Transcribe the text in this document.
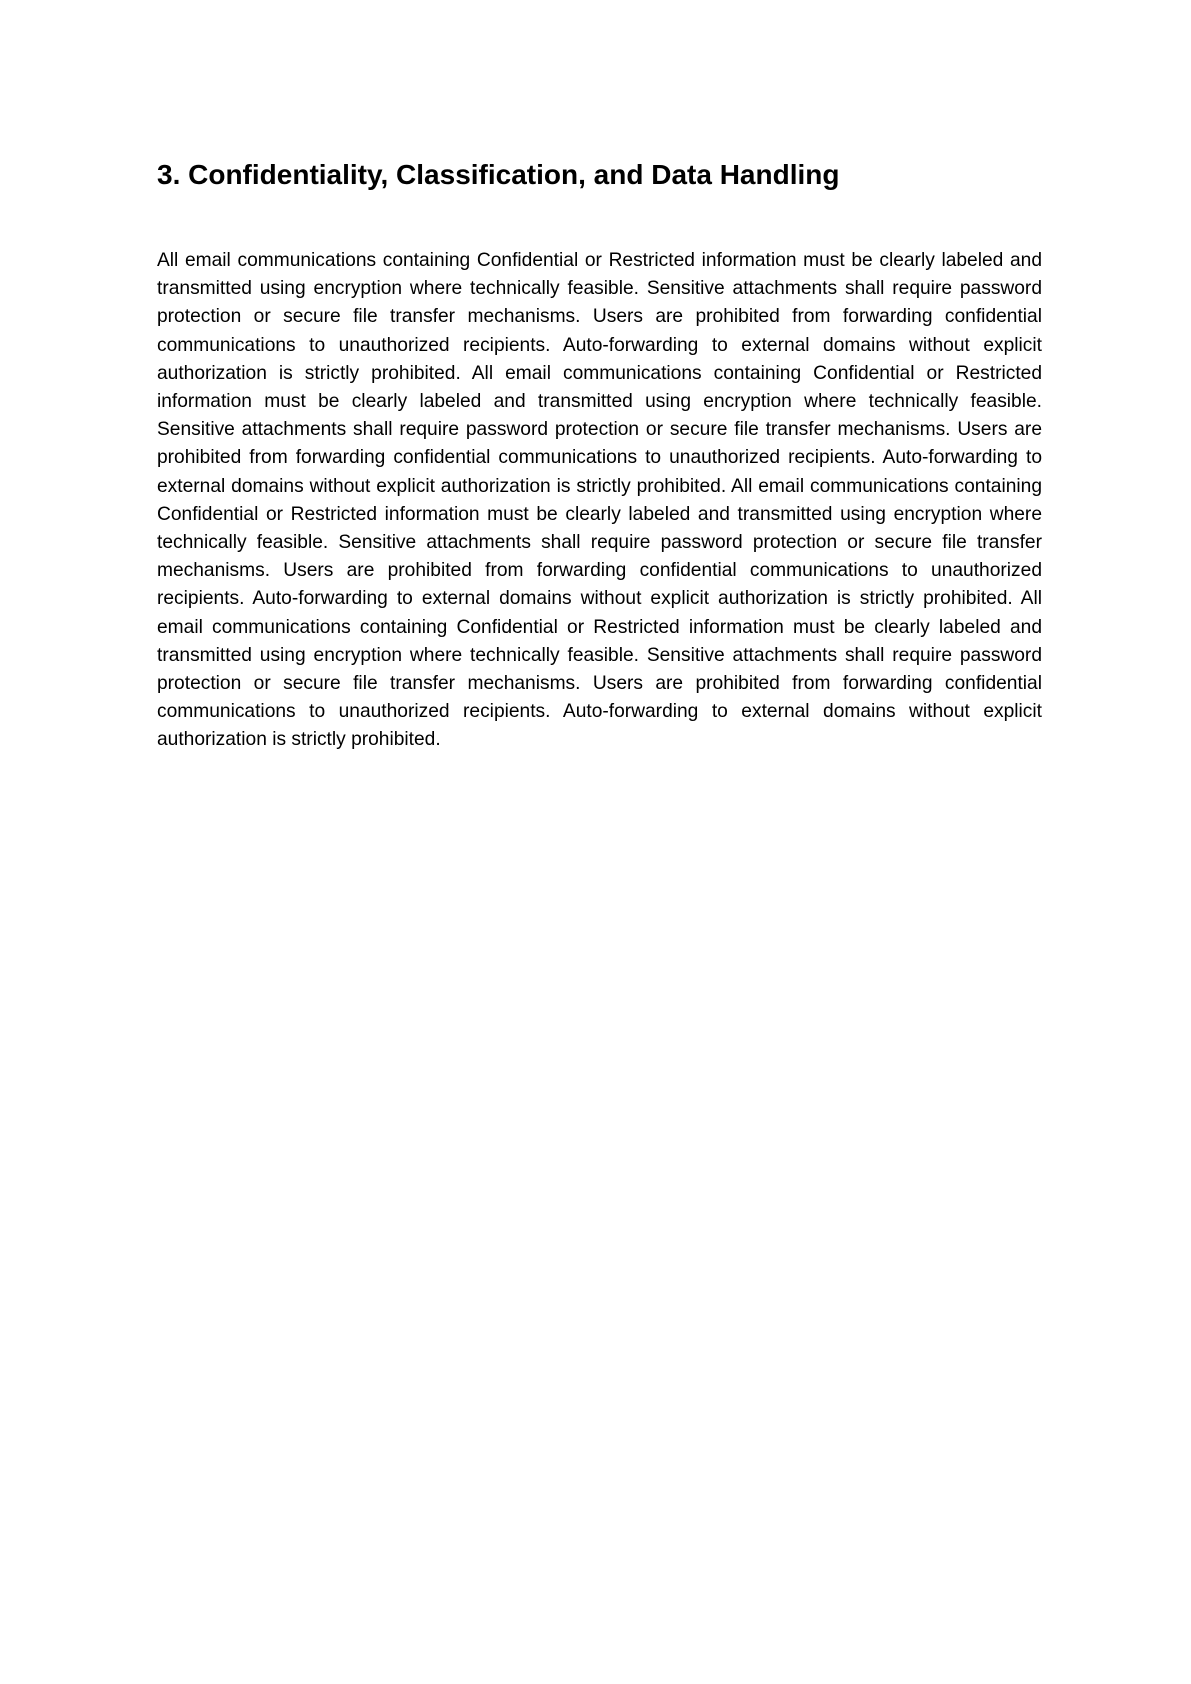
3. Confidentiality, Classification, and Data Handling

All email communications containing Confidential or Restricted information must be clearly labeled and transmitted using encryption where technically feasible. Sensitive attachments shall require password protection or secure file transfer mechanisms. Users are prohibited from forwarding confidential communications to unauthorized recipients. Auto-forwarding to external domains without explicit authorization is strictly prohibited. All email communications containing Confidential or Restricted information must be clearly labeled and transmitted using encryption where technically feasible. Sensitive attachments shall require password protection or secure file transfer mechanisms. Users are prohibited from forwarding confidential communications to unauthorized recipients. Auto-forwarding to external domains without explicit authorization is strictly prohibited. All email communications containing Confidential or Restricted information must be clearly labeled and transmitted using encryption where technically feasible. Sensitive attachments shall require password protection or secure file transfer mechanisms. Users are prohibited from forwarding confidential communications to unauthorized recipients. Auto-forwarding to external domains without explicit authorization is strictly prohibited. All email communications containing Confidential or Restricted information must be clearly labeled and transmitted using encryption where technically feasible. Sensitive attachments shall require password protection or secure file transfer mechanisms. Users are prohibited from forwarding confidential communications to unauthorized recipients. Auto-forwarding to external domains without explicit authorization is strictly prohibited.
